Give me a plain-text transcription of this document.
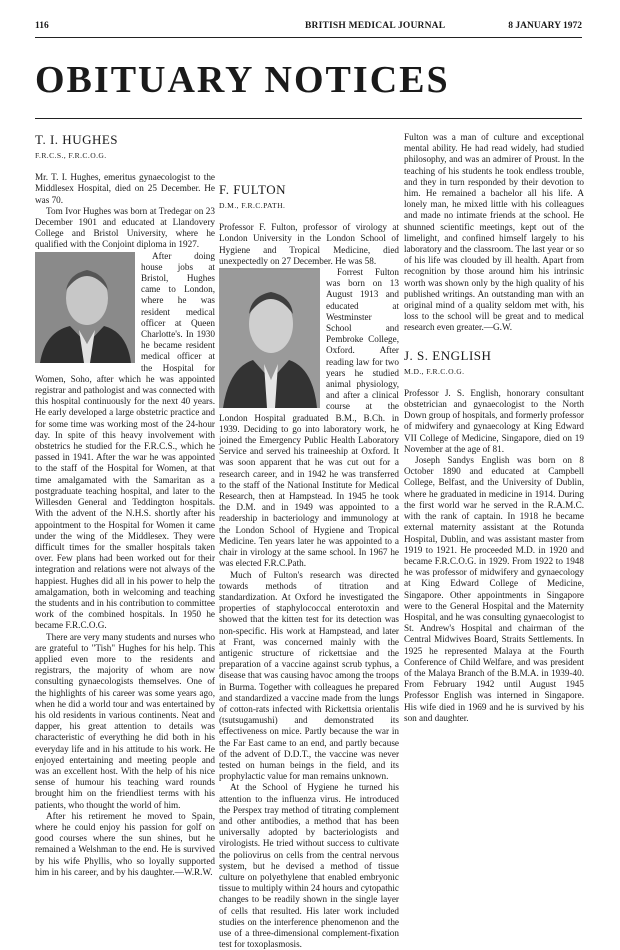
116	BRITISH MEDICAL JOURNAL	8 JANUARY 1972
OBITUARY NOTICES
T. I. HUGHES
F.R.C.S., F.R.C.O.G.

Mr. T. I. Hughes, emeritus gynaecologist to the Middlesex Hospital, died on 25 December. He was 70.

Tom Ivor Hughes was born at Tredegar on 23 December 1901 and educated at Llandovery College and Bristol University, where he qualified with the Conjoint diploma in 1927.

After doing house jobs at Bristol, Hughes came to London, where he was resident medical officer at Queen Charlotte's. In 1930 he became resident medical officer at the Hospital for Women, Soho, after which he was appointed registrar and pathologist and was connected with this hospital continuously for the next 40 years. He early developed a large obstetric practice and for some time was working most of the 24-hour day. In spite of this heavy involvement with obstetrics he studied for the F.R.C.S., which he passed in 1941. After the war he was appointed to the staff of the Hospital for Women, at that time amalgamated with the Samaritan as a postgraduate teaching hospital, and later to the Willesden General and Teddington hospitals. With the advent of the N.H.S. shortly after his appointment to the Hospital for Women it came under the wing of the Middlesex. They were difficult times for the smaller hospitals taken over. Few plans had been worked out for their integration and relations were not always of the happiest. Hughes did all in his power to help the amalgamation, both in welcoming and teaching the students and in his contribution to committee work of the combined hospitals. In 1950 he became F.R.C.O.G.

There are very many students and nurses who are grateful to "Tish" Hughes for his help. This applied even more to the residents and registrars, the majority of whom are now consulting gynaecologists themselves. One of the highlights of his career was some years ago, when he did a world tour and was entertained by his old residents in various continents. Neat and dapper, his great attention to details was characteristic of everything he did both in his everyday life and in his attitude to his work. He enjoyed entertaining and meeting people and was an excellent host. With the help of his nice sense of humour his teaching ward rounds brought him on the friendliest terms with his patients, who thought the world of him.

After his retirement he moved to Spain, where he could enjoy his passion for golf on good courses where the sun shines, but he remained a Welshman to the end. He is survived by his wife Phyllis, who so loyally supported him in his career, and by his daughter.—W.R.W.

F. FULTON
D.M., F.R.C.PATH.

Professor F. Fulton, professor of virology at London University in the London School of Hygiene and Tropical Medicine, died unexpectedly on 27 December. He was 58.

Forrest Fulton was born on 13 August 1913 and educated at Westminster School and Pembroke College, Oxford. After reading law for two years he studied animal physiology, and after a clinical course at the London Hospital graduated B.M., B.Ch. in 1939. Deciding to go into laboratory work, he joined the Emergency Public Health Laboratory Service and served his traineeship at Oxford. It was soon apparent that he was cut out for a research career, and in 1942 he was transferred to the staff of the National Institute for Medical Research, then at Hampstead. In 1945 he took the D.M. and in 1949 was appointed to a readership in bacteriology and immunology at the London School of Hygiene and Tropical Medicine. Ten years later he was appointed to a chair in virology at the same school. In 1967 he was elected F.R.C.Path.

Much of Fulton's research was directed towards methods of titration and standardization. At Oxford he investigated the properties of staphylococcal enterotoxin and showed that the kitten test for its detection was non-specific. His work at Hampstead, and later at Frant, was concerned mainly with the antigenic structure of rickettsiae and the preparation of a vaccine against scrub typhus, a disease that was causing havoc among the troops in Burma. Together with colleagues he prepared and standardized a vaccine made from the lungs of cotton-rats infected with Rickettsia orientalis (tsutsugamushi) and demonstrated its effectiveness on mice. Partly because the war in the Far East came to an end, and partly because of the advent of D.D.T., the vaccine was never tested on human beings in the field, and its prophylactic value for man remains unknown.

At the School of Hygiene he turned his attention to the influenza virus. He introduced the Perspex tray method of titrating complement and other antibodies, a method that has been universally adopted by bacteriologists and virologists. He tried without success to cultivate the poliovirus on cells from the central nervous system, but he devised a method of tissue culture on polyethylene that enabled embryonic tissue to multiply within 24 hours and cytopathic changes to be readily shown in the single layer of cells that resulted. His later work included studies on the interference phenomenon and the use of a three-dimensional complement-fixation test for toxoplasmosis.

Fulton was a man of culture and exceptional mental ability. He had read widely, had studied philosophy, and was an admirer of Proust. In the teaching of his students he took endless trouble, and they in turn responded by their devotion to him. He remained a bachelor all his life. A lonely man, he mixed little with his colleagues and made no intimate friends at the school. He shunned scientific meetings, kept out of the limelight, and confined himself largely to his laboratory and the classroom. The last year or so of his life was clouded by ill health. Apart from recognition by those around him his intrinsic worth was shown only by the high quality of his published writings. An outstanding man with an original mind of a quality seldom met with, his loss to the school will be great and to medical research even greater.—G.W.

J. S. ENGLISH
M.D., F.R.C.O.G.

Professor J. S. English, honorary consultant obstetrician and gynaecologist to the North Down group of hospitals, and formerly professor of midwifery and gynaecology at King Edward VII College of Medicine, Singapore, died on 19 November at the age of 81.

Joseph Sandys English was born on 8 October 1890 and educated at Campbell College, Belfast, and the University of Dublin, where he graduated in medicine in 1914. During the first world war he served in the R.A.M.C. with the rank of captain. In 1918 he became external maternity assistant at the Rotunda Hospital, Dublin, and was assistant master from 1919 to 1921. He proceeded M.D. in 1920 and became F.R.C.O.G. in 1929. From 1922 to 1948 he was professor of midwifery and gynaecology at King Edward College of Medicine, Singapore. Other appointments in Singapore were to the General Hospital and the Maternity Hospital, and he was consulting gynaecologist to St. Andrew's Hospital and chairman of the Central Midwives Board, Straits Settlements. In 1925 he represented Malaya at the Fourth Conference of Child Welfare, and was president of the Malaya Branch of the B.M.A. in 1939-40. From February 1942 until August 1945 Professor English was interned in Singapore. His wife died in 1969 and he is survived by his son and daughter.
